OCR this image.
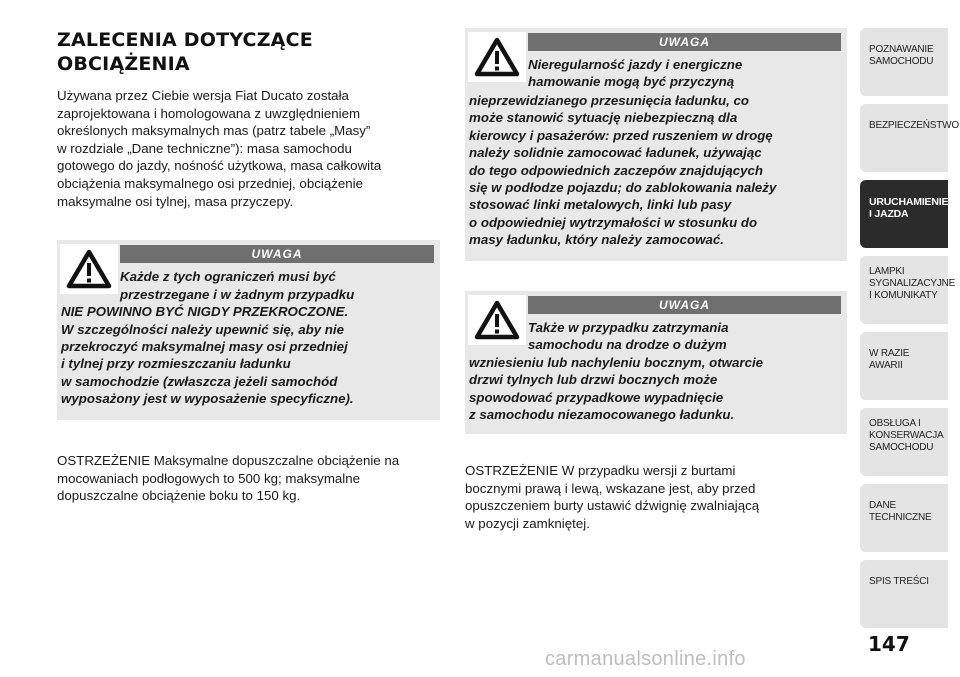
ZALECENIA DOTYCZĄCE
OBCIĄŻENIA
Używana przez Ciebie wersja Fiat Ducato została
zaprojektowana i homologowana z uwzględnieniem
określonych maksymalnych mas (patrz tabele „Masy”
w rozdziale „Dane techniczne”): masa samochodu
gotowego do jazdy, nośność użytkowa, masa całkowita
obciążenia maksymalnego osi przedniej, obciążenie
maksymalne osi tylnej, masa przyczepy.
UWAGA
Każde z tych ograniczeń musi być
przestrzegane i w żadnym przypadku
NIE POWINNO BYĆ NIGDY PRZEKROCZONE.
W szczególności należy upewnić się, aby nie
przekroczyć maksymalnej masy osi przedniej
i tylnej przy rozmieszczaniu ładunku
w samochodzie (zwłaszcza jeżeli samochód
wyposażony jest w wyposażenie specyficzne).
OSTRZEŻENIE Maksymalne dopuszczalne obciążenie na
mocowaniach podłogowych to 500 kg; maksymalne
dopuszczalne obciążenie boku to 150 kg.
UWAGA
Nieregularność jazdy i energiczne
hamowanie mogą być przyczyną
nieprzewidzianego przesunięcia ładunku, co
może stanowić sytuację niebezpieczną dla
kierowcy i pasażerów: przed ruszeniem w drogę
należy solidnie zamocować ładunek, używając
do tego odpowiednich zaczepów znajdujących
się w podłodze pojazdu; do zablokowania należy
stosować linki metalowych, linki lub pasy
o odpowiedniej wytrzymałości w stosunku do
masy ładunku, który należy zamocować.
UWAGA
Także w przypadku zatrzymania
samochodu na drodze o dużym
wzniesieniu lub nachyleniu bocznym, otwarcie
drzwi tylnych lub drzwi bocznych może
spowodować przypadkowe wypadnięcie
z samochodu niezamocowanego ładunku.
OSTRZEŻENIE W przypadku wersji z burtami
bocznymi prawą i lewą, wskazane jest, aby przed
opuszczeniem burty ustawić dźwignię zwalniającą
w pozycji zamkniętej.
POZNAWANIE
SAMOCHODU
BEZPIECZEŃSTWO
URUCHAMIENIE
I JAZDA
LAMPKI
SYGNALIZACYJNE
I KOMUNIKATY
W RAZIE AWARII
OBSŁUGA I
KONSERWACJA
SAMOCHODU
DANE TECHNICZNE
SPIS TREŚCI
147
carmanualsonline.info
